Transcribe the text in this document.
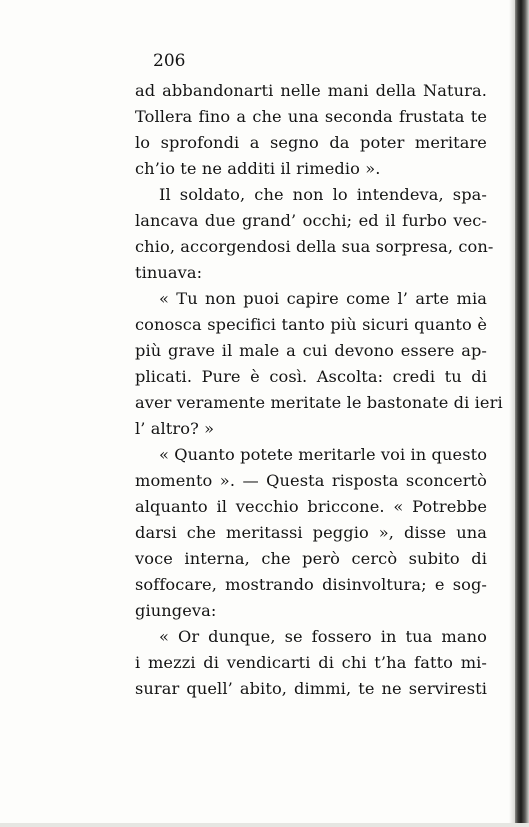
206
ad abbandonarti nelle mani della Natura.
Tollera fino a che una seconda frustata te
lo sprofondi a segno da poter meritare
ch’io te ne additi il rimedio ».
Il soldato, che non lo intendeva, spa-
lancava due grand’ occhi; ed il furbo vec-
chio, accorgendosi della sua sorpresa, con-
tinuava:
« Tu non puoi capire come l’ arte mia
conosca specifici tanto più sicuri quanto è
più grave il male a cui devono essere ap-
plicati. Pure è così. Ascolta: credi tu di
aver veramente meritate le bastonate di ieri
l’ altro? »
« Quanto potete meritarle voi in questo
momento ». — Questa risposta sconcertò
alquanto il vecchio briccone. « Potrebbe
darsi che meritassi peggio », disse una
voce interna, che però cercò subito di
soffocare, mostrando disinvoltura; e sog-
giungeva:
« Or dunque, se fossero in tua mano
i mezzi di vendicarti di chi t’ha fatto mi-
surar quell’ abito, dimmi, te ne serviresti
